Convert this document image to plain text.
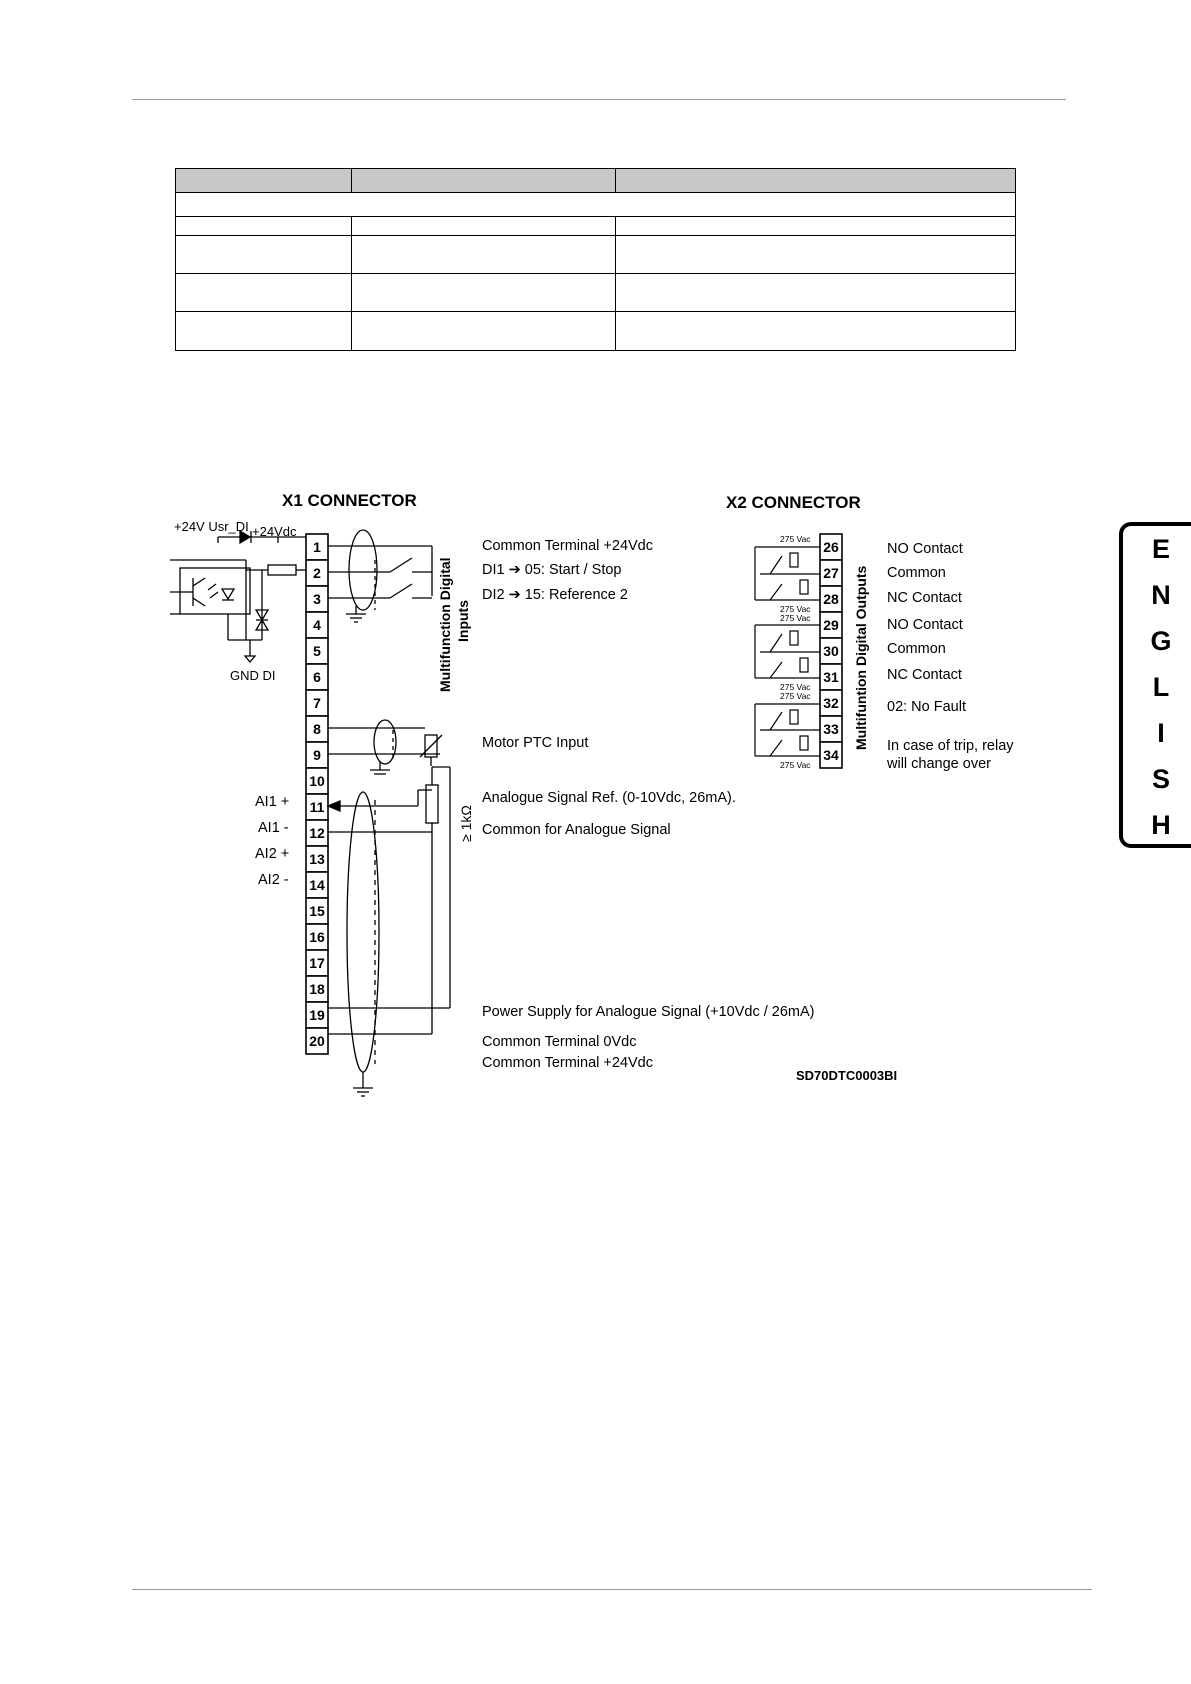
X1 CONNECTOR	X2 CONNECTOR
1
2
3
4
5
6
7
8
9
10
11
12
13
14
15
16
17
18
19
20
+24V Usr_DI +24Vdc
GND DI	Multifunction Digital Inputs
≥ 1kΩ
AI1 +
AI1 -
AI2 +
AI2 -
Common Terminal +24Vdc
DI1 ➔ 05: Start / Stop
DI2 ➔ 15: Reference 2
Motor PTC Input
Analogue Signal Ref. (0-10Vdc, 26mA).
Common for Analogue Signal
Power Supply for Analogue Signal (+10Vdc / 26mA)
Common Terminal 0Vdc
Common Terminal +24Vdc
26
27
28
29
30
31
32
33
34
275 Vac
275 Vac
275 Vac
275 Vac
275 Vac
275 Vac
Multifuntion Digital Outputs
NO Contact
Common
NC Contact
NO Contact
Common
NC Contact
02: No Fault
In case of trip, relay
will change over
SD70DTC0003BI
E
N
G
L
I
S
H
